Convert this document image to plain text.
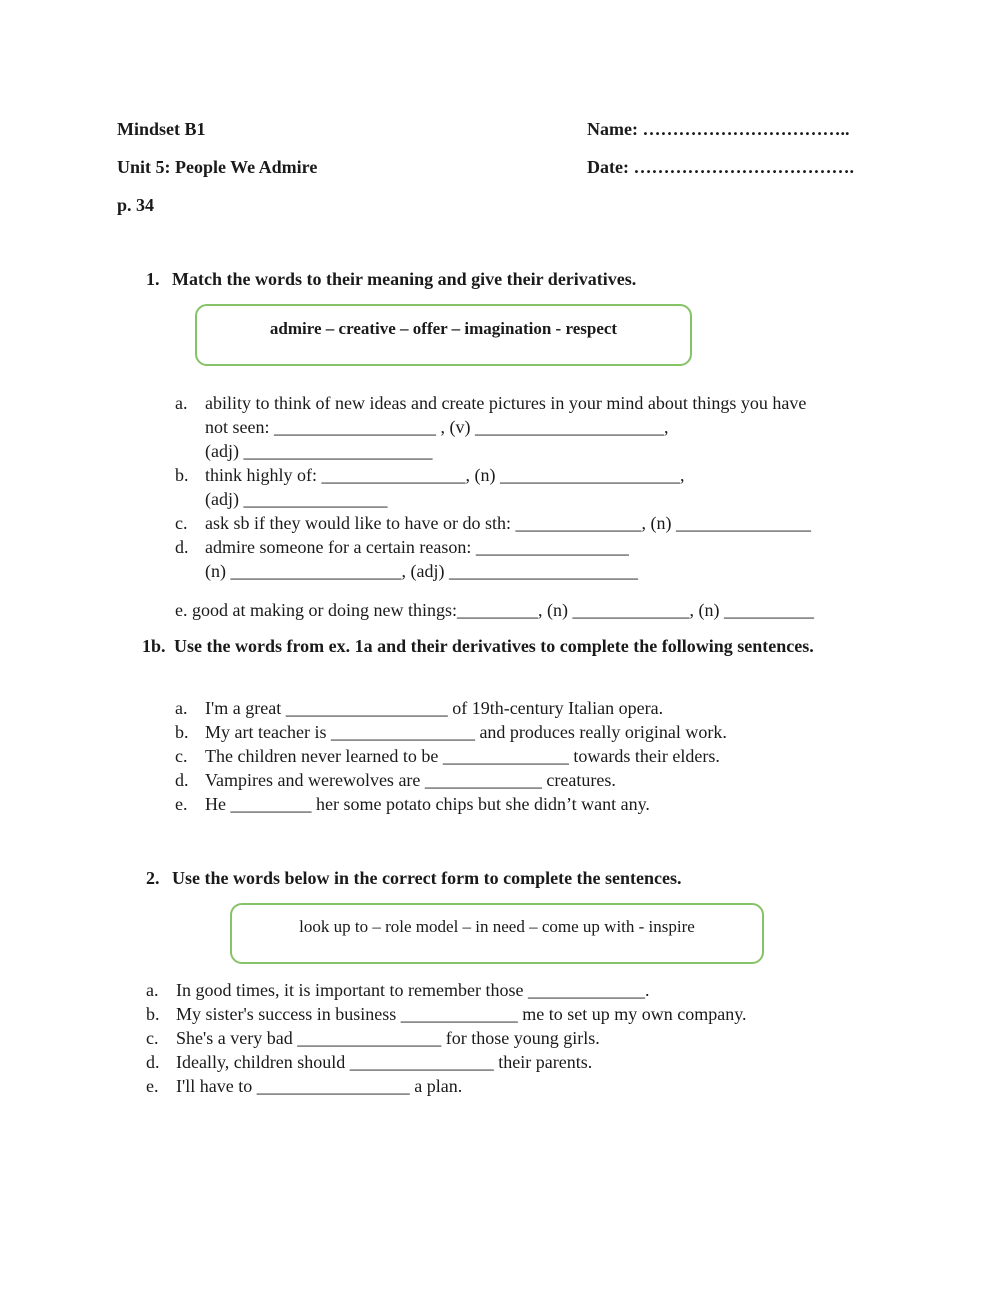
Mindset B1
Unit 5: People We Admire
p. 34
Name: ……………………………..
Date: ……………………………….
1. Match the words to their meaning and give their derivatives.
admire – creative – offer – imagination - respect
a. ability to think of new ideas and create pictures in your mind about things you have
not seen: __________________ , (v) _____________________,
(adj) _____________________
b. think highly of: ________________, (n) ____________________,
(adj) ________________
c. ask sb if they would like to have or do sth: ______________, (n) _______________
d. admire someone for a certain reason: _________________
(n) ___________________, (adj) _____________________
e. good at making or doing new things:_________, (n) _____________, (n) __________
1b. Use the words from ex. 1a and their derivatives to complete the following sentences.
a. I'm a great __________________ of 19th-century Italian opera.
b. My art teacher is ________________ and produces really original work.
c. The children never learned to be ______________ towards their elders.
d. Vampires and werewolves are _____________ creatures.
e. He _________ her some potato chips but she didn’t want any.
2. Use the words below in the correct form to complete the sentences.
look up to – role model – in need – come up with - inspire
a. In good times, it is important to remember those _____________.
b. My sister's success in business _____________ me to set up my own company.
c. She's a very bad ________________ for those young girls.
d. Ideally, children should ________________ their parents.
e. I'll have to _________________ a plan.
